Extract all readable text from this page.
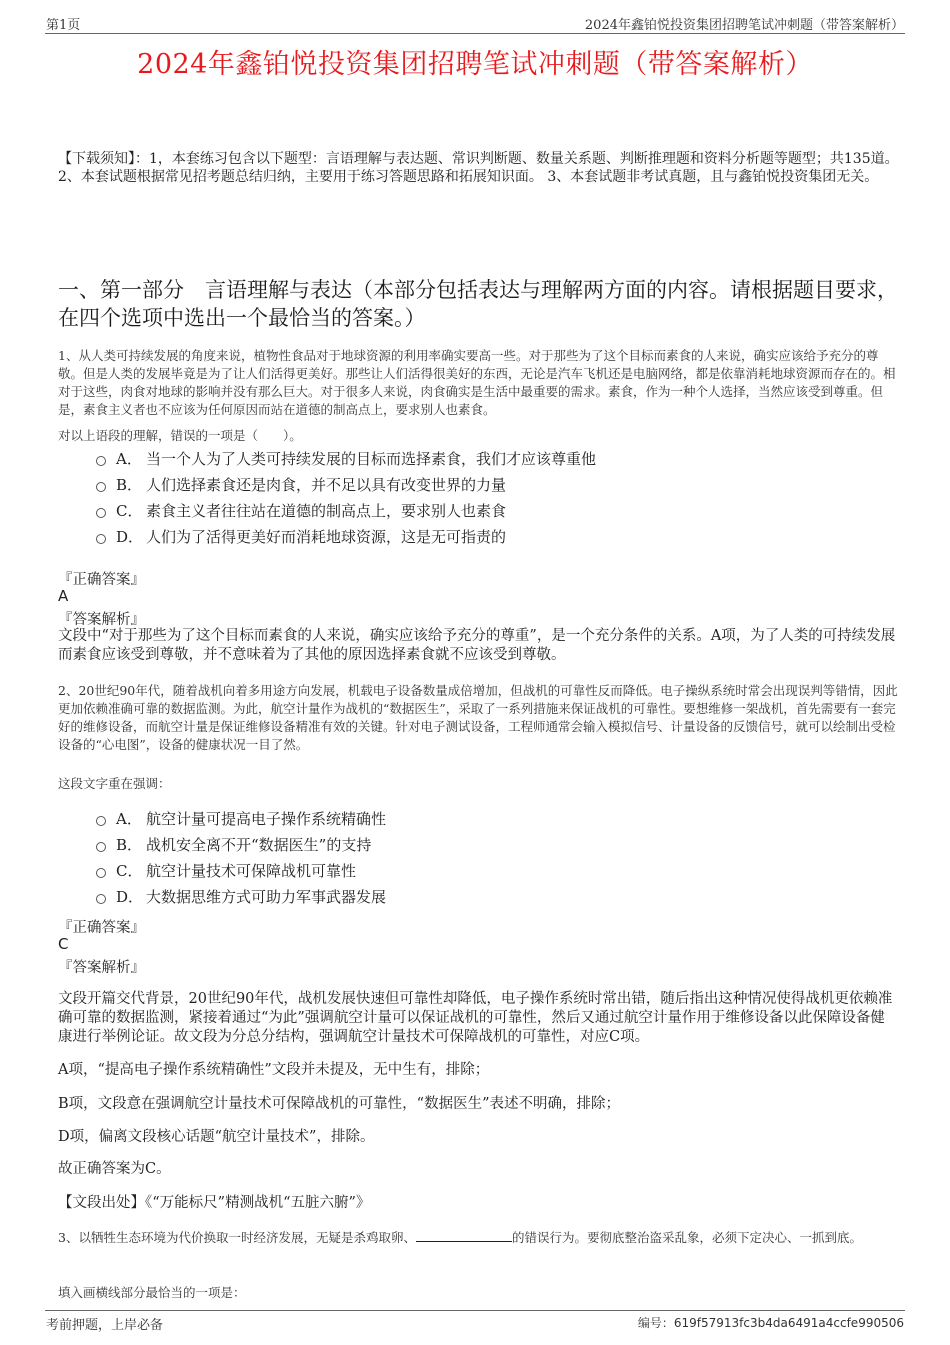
第1页	2024年鑫铂悦投资集团招聘笔试冲刺题（带答案解析）
2024年鑫铂悦投资集团招聘笔试冲刺题（带答案解析）
【下载须知】：1，本套练习包含以下题型：言语理解与表达题、常识判断题、数量关系题、判断推理题和资料分析题等题型；共135道。 2、本套试题根据常见招考题总结归纳，主要用于练习答题思路和拓展知识面。 3、本套试题非考试真题，且与鑫铂悦投资集团无关。
一、第一部分　言语理解与表达（本部分包括表达与理解两方面的内容。请根据题目要求，在四个选项中选出一个最恰当的答案。）
1、从人类可持续发展的角度来说，植物性食品对于地球资源的利用率确实要高一些。对于那些为了这个目标而素食的人来说，确实应该给予充分的尊敬。但是人类的发展毕竟是为了让人们活得更美好。那些让人们活得很美好的东西，无论是汽车飞机还是电脑网络，都是依靠消耗地球资源而存在的。相对于这些，肉食对地球的影响并没有那么巨大。对于很多人来说，肉食确实是生活中最重要的需求。素食，作为一种个人选择，当然应该受到尊重。但是，素食主义者也不应该为任何原因而站在道德的制高点上，要求别人也素食。
对以上语段的理解，错误的一项是（　　）。
A． 当一个人为了人类可持续发展的目标而选择素食，我们才应该尊重他
B． 人们选择素食还是肉食，并不足以具有改变世界的力量
C． 素食主义者往往站在道德的制高点上，要求别人也素食
D． 人们为了活得更美好而消耗地球资源，这是无可指责的
『正确答案』
A
『答案解析』
文段中“对于那些为了这个目标而素食的人来说，确实应该给予充分的尊重”，是一个充分条件的关系。A项，为了人类的可持续发展而素食应该受到尊敬，并不意味着为了其他的原因选择素食就不应该受到尊敬。
2、20世纪90年代，随着战机向着多用途方向发展，机载电子设备数量成倍增加，但战机的可靠性反而降低。电子操纵系统时常会出现误判等错情，因此更加依赖准确可靠的数据监测。为此，航空计量作为战机的“数据医生”，采取了一系列措施来保证战机的可靠性。要想维修一架战机，首先需要有一套完好的维修设备，而航空计量是保证维修设备精准有效的关键。针对电子测试设备，工程师通常会输入模拟信号、计量设备的反馈信号，就可以绘制出受检设备的“心电图”，设备的健康状况一目了然。
这段文字重在强调：
A． 航空计量可提高电子操作系统精确性
B． 战机安全离不开“数据医生”的支持
C． 航空计量技术可保障战机可靠性
D． 大数据思维方式可助力军事武器发展
『正确答案』
C
『答案解析』
文段开篇交代背景，20世纪90年代，战机发展快速但可靠性却降低，电子操作系统时常出错，随后指出这种情况使得战机更依赖准确可靠的数据监测，紧接着通过“为此”强调航空计量可以保证战机的可靠性，然后又通过航空计量作用于维修设备以此保障设备健康进行举例论证。故文段为分总分结构，强调航空计量技术可保障战机的可靠性，对应C项。
A项，“提高电子操作系统精确性”文段并未提及，无中生有，排除；
B项，文段意在强调航空计量技术可保障战机的可靠性，“数据医生”表述不明确，排除；
D项，偏离文段核心话题“航空计量技术”，排除。
故正确答案为C。
【文段出处】《“万能标尺”精测战机“五脏六腑”》
3、以牺牲生态环境为代价换取一时经济发展，无疑是杀鸡取卵、	的错误行为。要彻底整治盗采乱象，必须下定决心、一抓到底。
填入画横线部分最恰当的一项是：
考前押题，上岸必备	编号：619f57913fc3b4da6491a4ccfe990506
